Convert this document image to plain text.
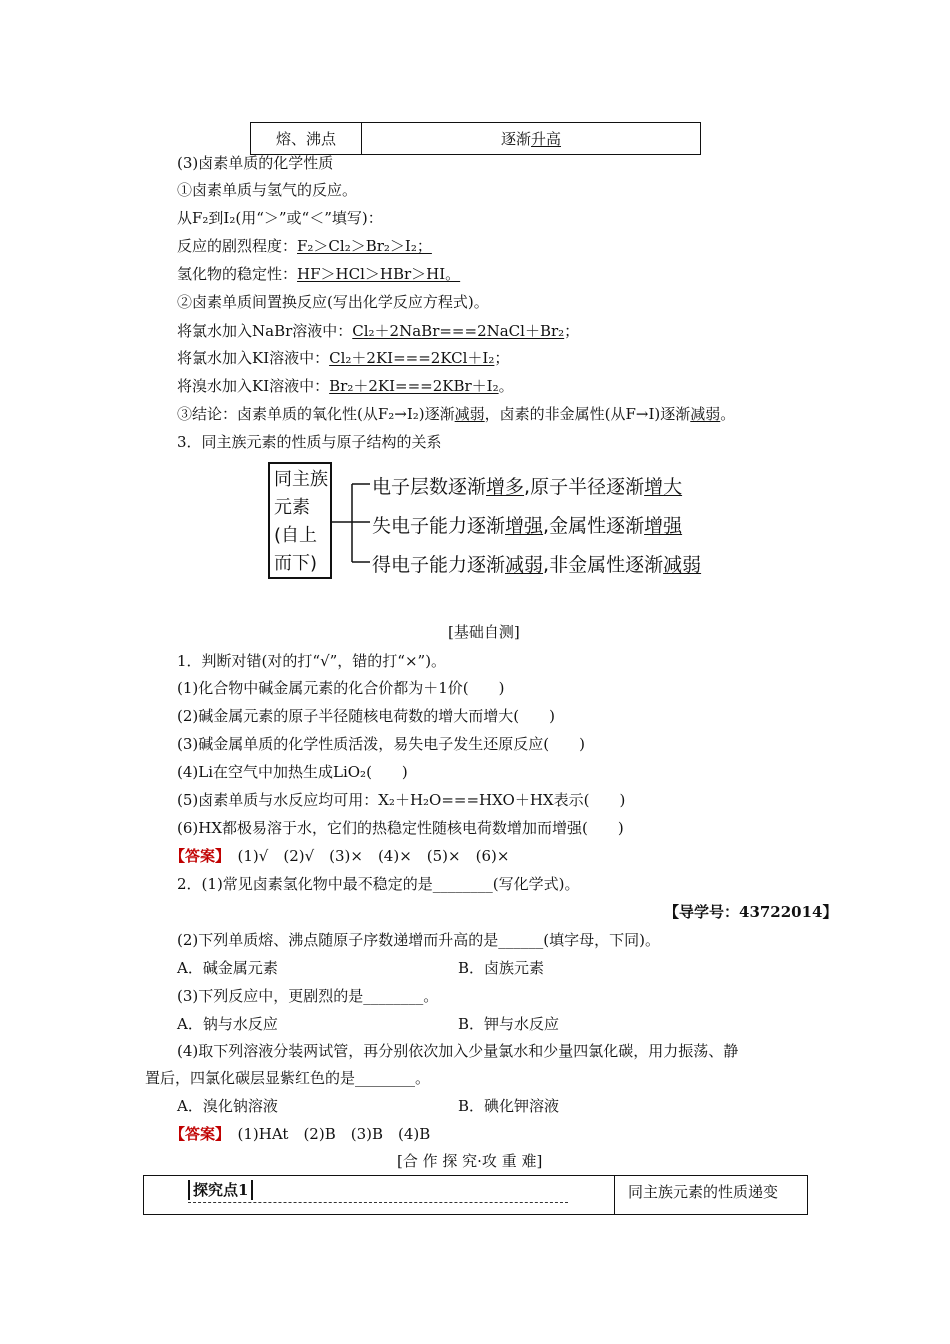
熔、沸点	逐渐 升高
(3)卤素单质的化学性质
①卤素单质与氢气的反应。
从F₂到I₂(用“＞”或“＜”填写)：
反应的剧烈程度：F₂＞Cl₂＞Br₂＞I₂；
氢化物的稳定性：HF＞HCl＞HBr＞HI。
②卤素单质间置换反应(写出化学反应方程式)。
将氯水加入NaBr溶液中：Cl₂＋2NaBr===2NaCl＋Br₂；
将氯水加入KI溶液中：Cl₂＋2KI===2KCl＋I₂；
将溴水加入KI溶液中：Br₂＋2KI===2KBr＋I₂。
③结论：卤素单质的氧化性(从F₂→I₂)逐渐减弱，卤素的非金属性(从F→I)逐渐减弱。
3．同主族元素的性质与原子结构的关系
同主族
元素
(自上
而下)
电子层数逐渐增多,原子半径逐渐增大
失电子能力逐渐增强,金属性逐渐增强
得电子能力逐渐减弱,非金属性逐渐减弱
[基础自测]
1．判断对错(对的打“√”，错的打“×”)。
(1)化合物中碱金属元素的化合价都为＋1价(　　)
(2)碱金属元素的原子半径随核电荷数的增大而增大(　　)
(3)碱金属单质的化学性质活泼，易失电子发生还原反应(　　)
(4)Li在空气中加热生成LiO₂(　　)
(5)卤素单质与水反应均可用：X₂＋H₂O===HXO＋HX表示(　　)
(6)HX都极易溶于水，它们的热稳定性随核电荷数增加而增强(　　)
【答案】　 (1)√　(2)√　(3)×　(4)×　(5)×　(6)×
2．(1)常见卤素氢化物中最不稳定的是________(写化学式)。
【导学号：43722014】
(2)下列单质熔、沸点随原子序数递增而升高的是______(填字母，下同)。
A．碱金属元素	B．卤族元素
(3)下列反应中，更剧烈的是________。
A．钠与水反应	B．钾与水反应
(4)取下列溶液分装两试管，再分别依次加入少量氯水和少量四氯化碳，用力振荡、静
置后，四氯化碳层显紫红色的是________。
A．溴化钠溶液	B．碘化钾溶液
【答案】　 (1)HAt　(2)B　(3)B　(4)B
[合 作 探 究·攻 重 难]
探究点1	同主族元素的性质递变
